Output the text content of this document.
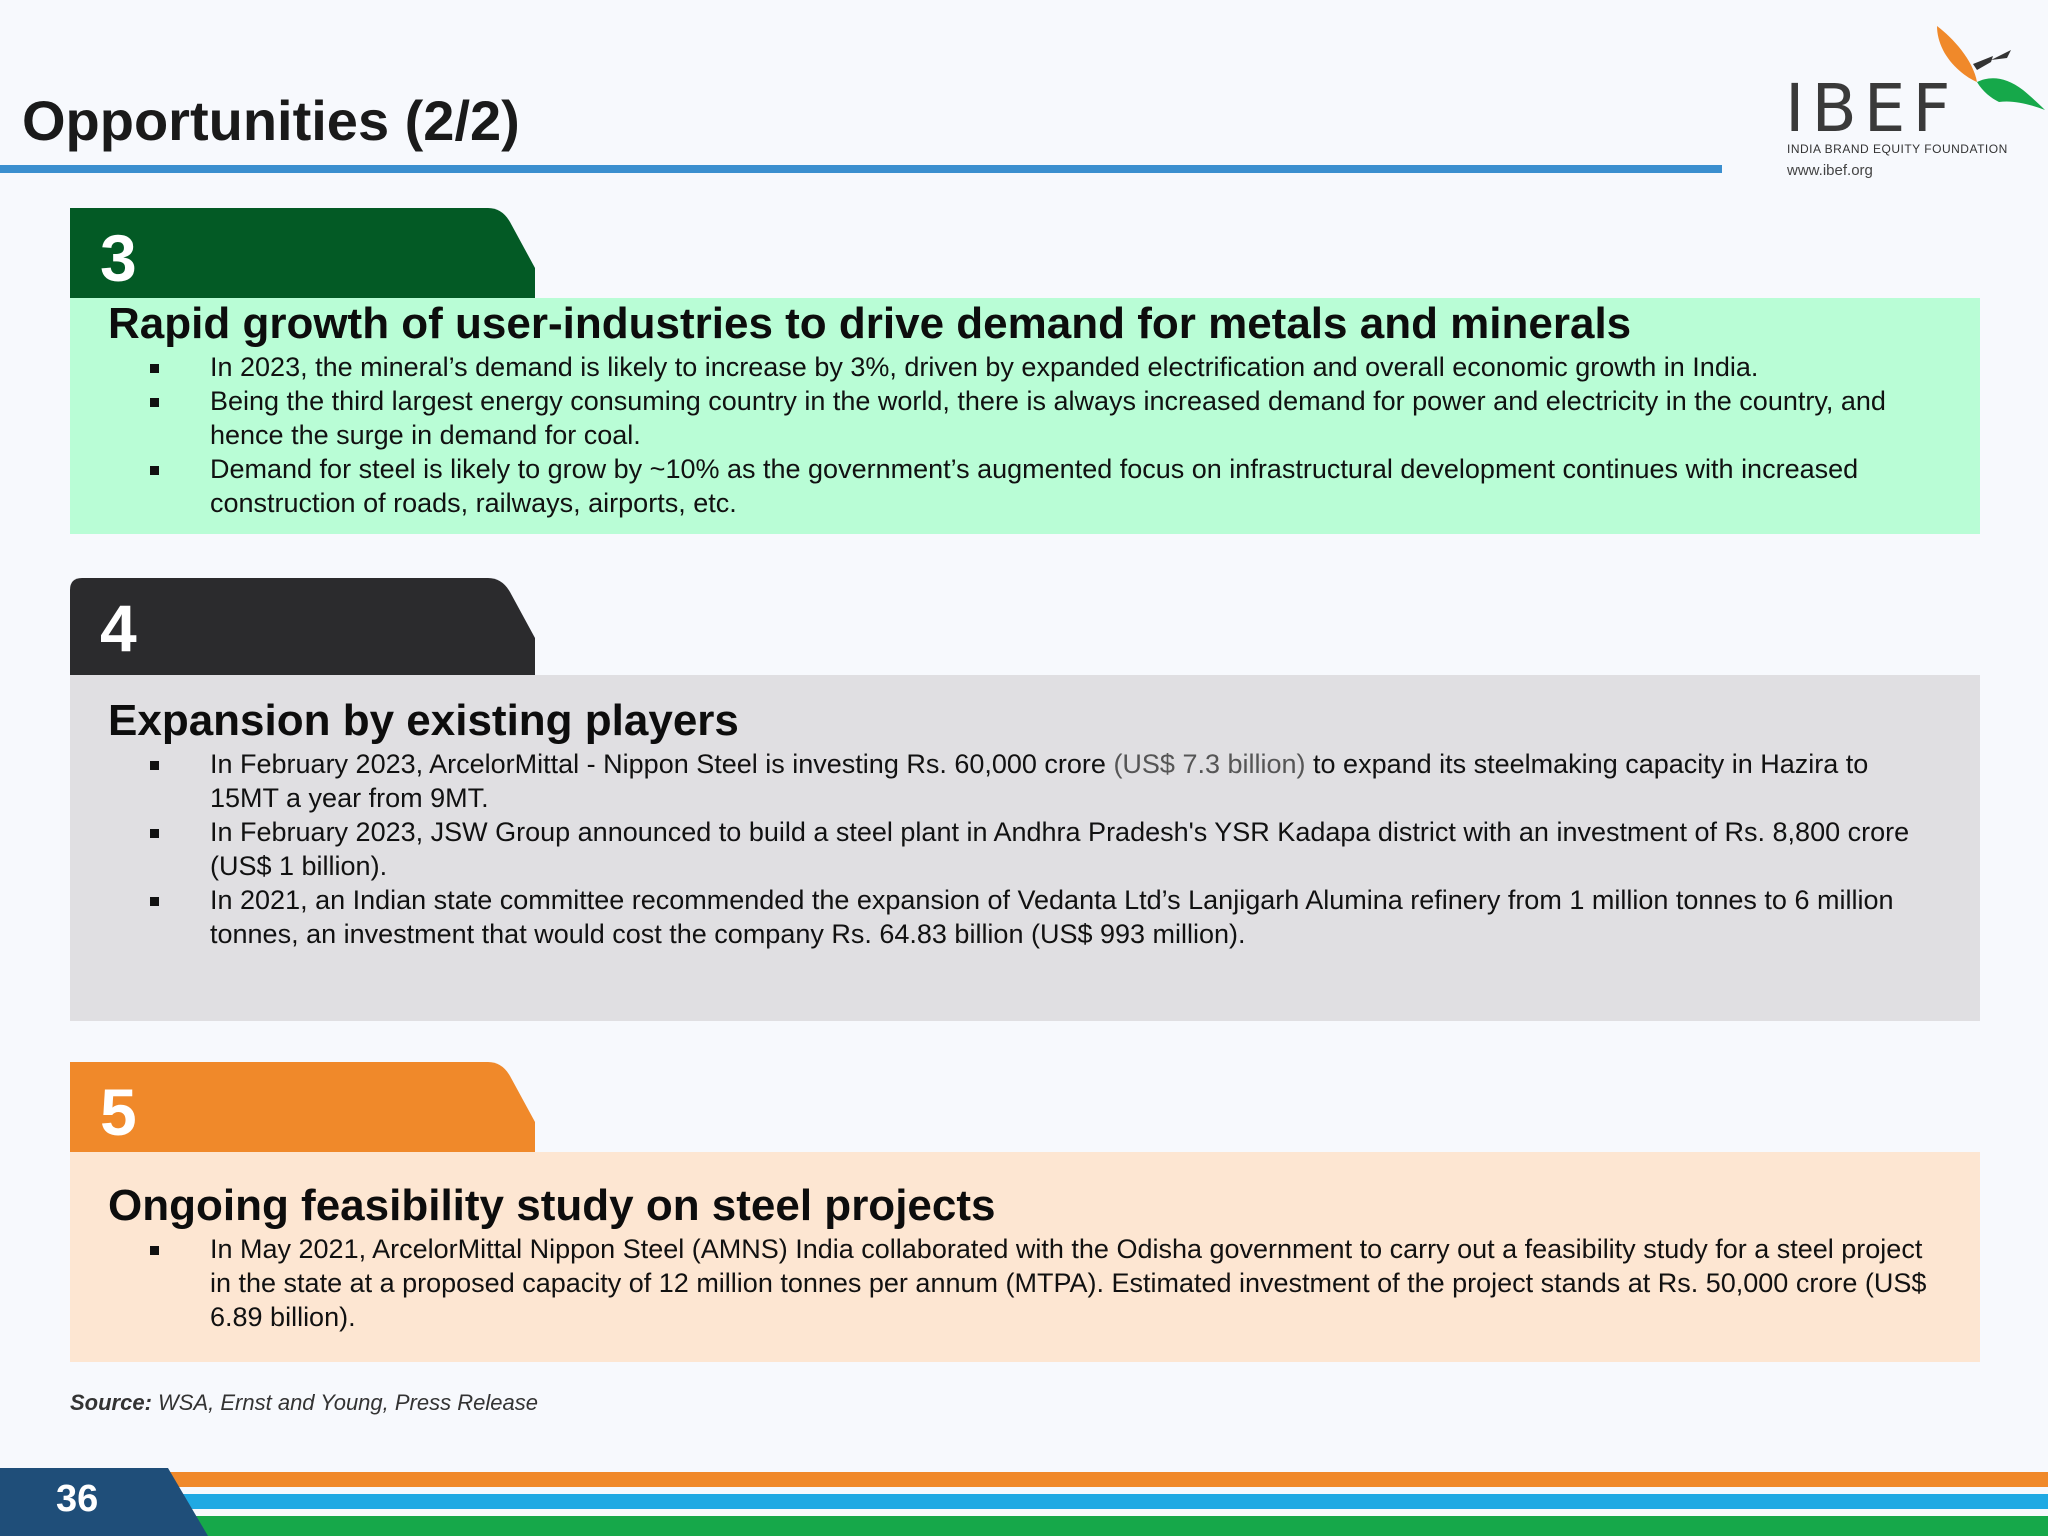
Opportunities (2/2)	IBEF
INDIA BRAND EQUITY FOUNDATION
www.ibef.org
3
Rapid growth of user-industries to drive demand for metals and minerals
In 2023, the mineral’s demand is likely to increase by 3%, driven by expanded electrification and overall economic growth in India.
Being the third largest energy consuming country in the world, there is always increased demand for power and electricity in the country, and hence the surge in demand for coal.
Demand for steel is likely to grow by ~10% as the government’s augmented focus on infrastructural development continues with increased construction of roads, railways, airports, etc.
4
Expansion by existing players
In February 2023, ArcelorMittal - Nippon Steel is investing Rs. 60,000 crore (US$ 7.3 billion) to expand its steelmaking capacity in Hazira to 15MT a year from 9MT.
In February 2023, JSW Group announced to build a steel plant in Andhra Pradesh's YSR Kadapa district with an investment of Rs. 8,800 crore (US$ 1 billion).
In 2021, an Indian state committee recommended the expansion of Vedanta Ltd’s Lanjigarh Alumina refinery from 1 million tonnes to 6 million tonnes, an investment that would cost the company Rs. 64.83 billion (US$ 993 million).
5
Ongoing feasibility study on steel projects
In May 2021, ArcelorMittal Nippon Steel (AMNS) India collaborated with the Odisha government to carry out a feasibility study for a steel project in the state at a proposed capacity of 12 million tonnes per annum (MTPA). Estimated investment of the project stands at Rs. 50,000 crore (US$ 6.89 billion).
Source: WSA, Ernst and Young, Press Release
36
